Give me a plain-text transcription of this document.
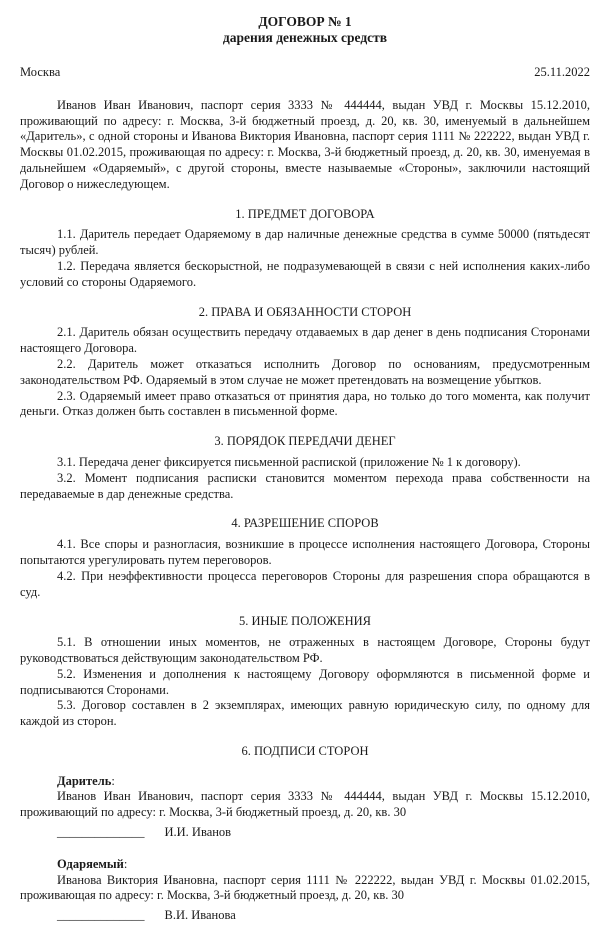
ДОГОВОР № 1
дарения денежных средств
Москва	25.11.2022

Иванов Иван Иванович, паспорт серия 3333 № 444444, выдан УВД г. Москвы 15.12.2010, проживающий по адресу: г. Москва, 3-й бюджетный проезд, д. 20, кв. 30, именуемый в дальнейшем «Даритель», с одной стороны и Иванова Виктория Ивановна, паспорт серия 1111 № 222222, выдан УВД г. Москвы 01.02.2015, проживающая по адресу: г. Москва, 3-й бюджетный проезд, д. 20, кв. 30, именуемая в дальнейшем «Одаряемый», с другой стороны, вместе называемые «Стороны», заключили настоящий Договор о нижеследующем.

1. ПРЕДМЕТ ДОГОВОРА

1.1. Даритель передает Одаряемому в дар наличные денежные средства в сумме 50000 (пятьдесят тысяч) рублей.

1.2. Передача является бескорыстной, не подразумевающей в связи с ней исполнения каких-либо условий со стороны Одаряемого.

2. ПРАВА И ОБЯЗАННОСТИ СТОРОН

2.1. Даритель обязан осуществить передачу отдаваемых в дар денег в день подписания Сторонами настоящего Договора.

2.2. Даритель может отказаться исполнить Договор по основаниям, предусмотренным законодательством РФ. Одаряемый в этом случае не может претендовать на возмещение убытков.

2.3. Одаряемый имеет право отказаться от принятия дара, но только до того момента, как получит деньги. Отказ должен быть составлен в письменной форме.

3. ПОРЯДОК ПЕРЕДАЧИ ДЕНЕГ

3.1. Передача денег фиксируется письменной распиской (приложение № 1 к договору).

3.2. Момент подписания расписки становится моментом перехода права собственности на передаваемые в дар денежные средства.

4. РАЗРЕШЕНИЕ СПОРОВ

4.1. Все споры и разногласия, возникшие в процессе исполнения настоящего Договора, Стороны попытаются урегулировать путем переговоров.

4.2. При неэффективности процесса переговоров Стороны для разрешения спора обращаются в суд.

5. ИНЫЕ ПОЛОЖЕНИЯ

5.1. В отношении иных моментов, не отраженных в настоящем Договоре, Стороны будут руководствоваться действующим законодательством РФ.

5.2. Изменения и дополнения к настоящему Договору оформляются в письменной форме и подписываются Сторонами.

5.3. Договор составлен в 2 экземплярах, имеющих равную юридическую силу, по одному для каждой из сторон.

6. ПОДПИСИ СТОРОН

Даритель:

Иванов Иван Иванович, паспорт серия 3333 № 444444, выдан УВД г. Москвы 15.12.2010, проживающий по адресу: г. Москва, 3-й бюджетный проезд, д. 20, кв. 30

______________ И.И. Иванов

Одаряемый:

Иванова Виктория Ивановна, паспорт серия 1111 № 222222, выдан УВД г. Москвы 01.02.2015, проживающая по адресу: г. Москва, 3-й бюджетный проезд, д. 20, кв. 30

______________ В.И. Иванова
